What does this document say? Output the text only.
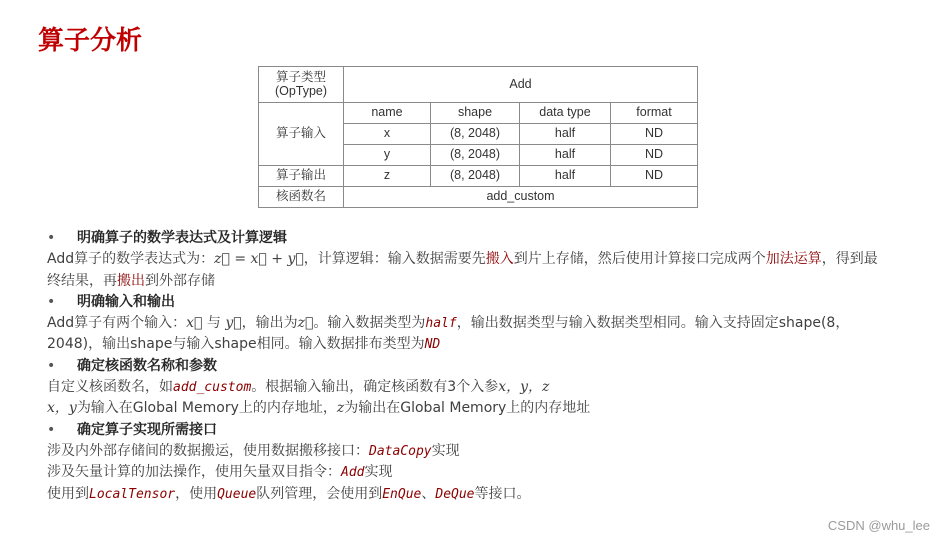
算子分析
算子类型
(OpType)	Add			
算子输入	name	shape	data type	format
	x	(8, 2048)	half	ND
	y	(8, 2048)	half	ND
算子输出	z	(8, 2048)	half	ND
核函数名	add_custom			
• 明确算子的数学表达式及计算逻辑
Add算子的数学表达式为：z⃗ = x⃗ + y⃗，计算逻辑：输入数据需要先搬入到片上存储，然后使用计算接口完成两个加法运算，得到最
终结果，再搬出到外部存储
• 明确输入和输出
Add算子有两个输入：x⃗ 与 y⃗，输出为z⃗。输入数据类型为half，输出数据类型与输入数据类型相同。输入支持固定shape(8，
2048)，输出shape与输入shape相同。输入数据排布类型为ND
• 确定核函数名称和参数
自定义核函数名，如add_custom。根据输入输出，确定核函数有3个入参x，y，z
x，y为输入在Global Memory上的内存地址，z为输出在Global Memory上的内存地址
• 确定算子实现所需接口
涉及内外部存储间的数据搬运，使用数据搬移接口：DataCopy实现
涉及矢量计算的加法操作，使用矢量双目指令：Add实现
使用到LocalTensor，使用Queue队列管理，会使用到EnQue、DeQue等接口。
CSDN @whu_lee
